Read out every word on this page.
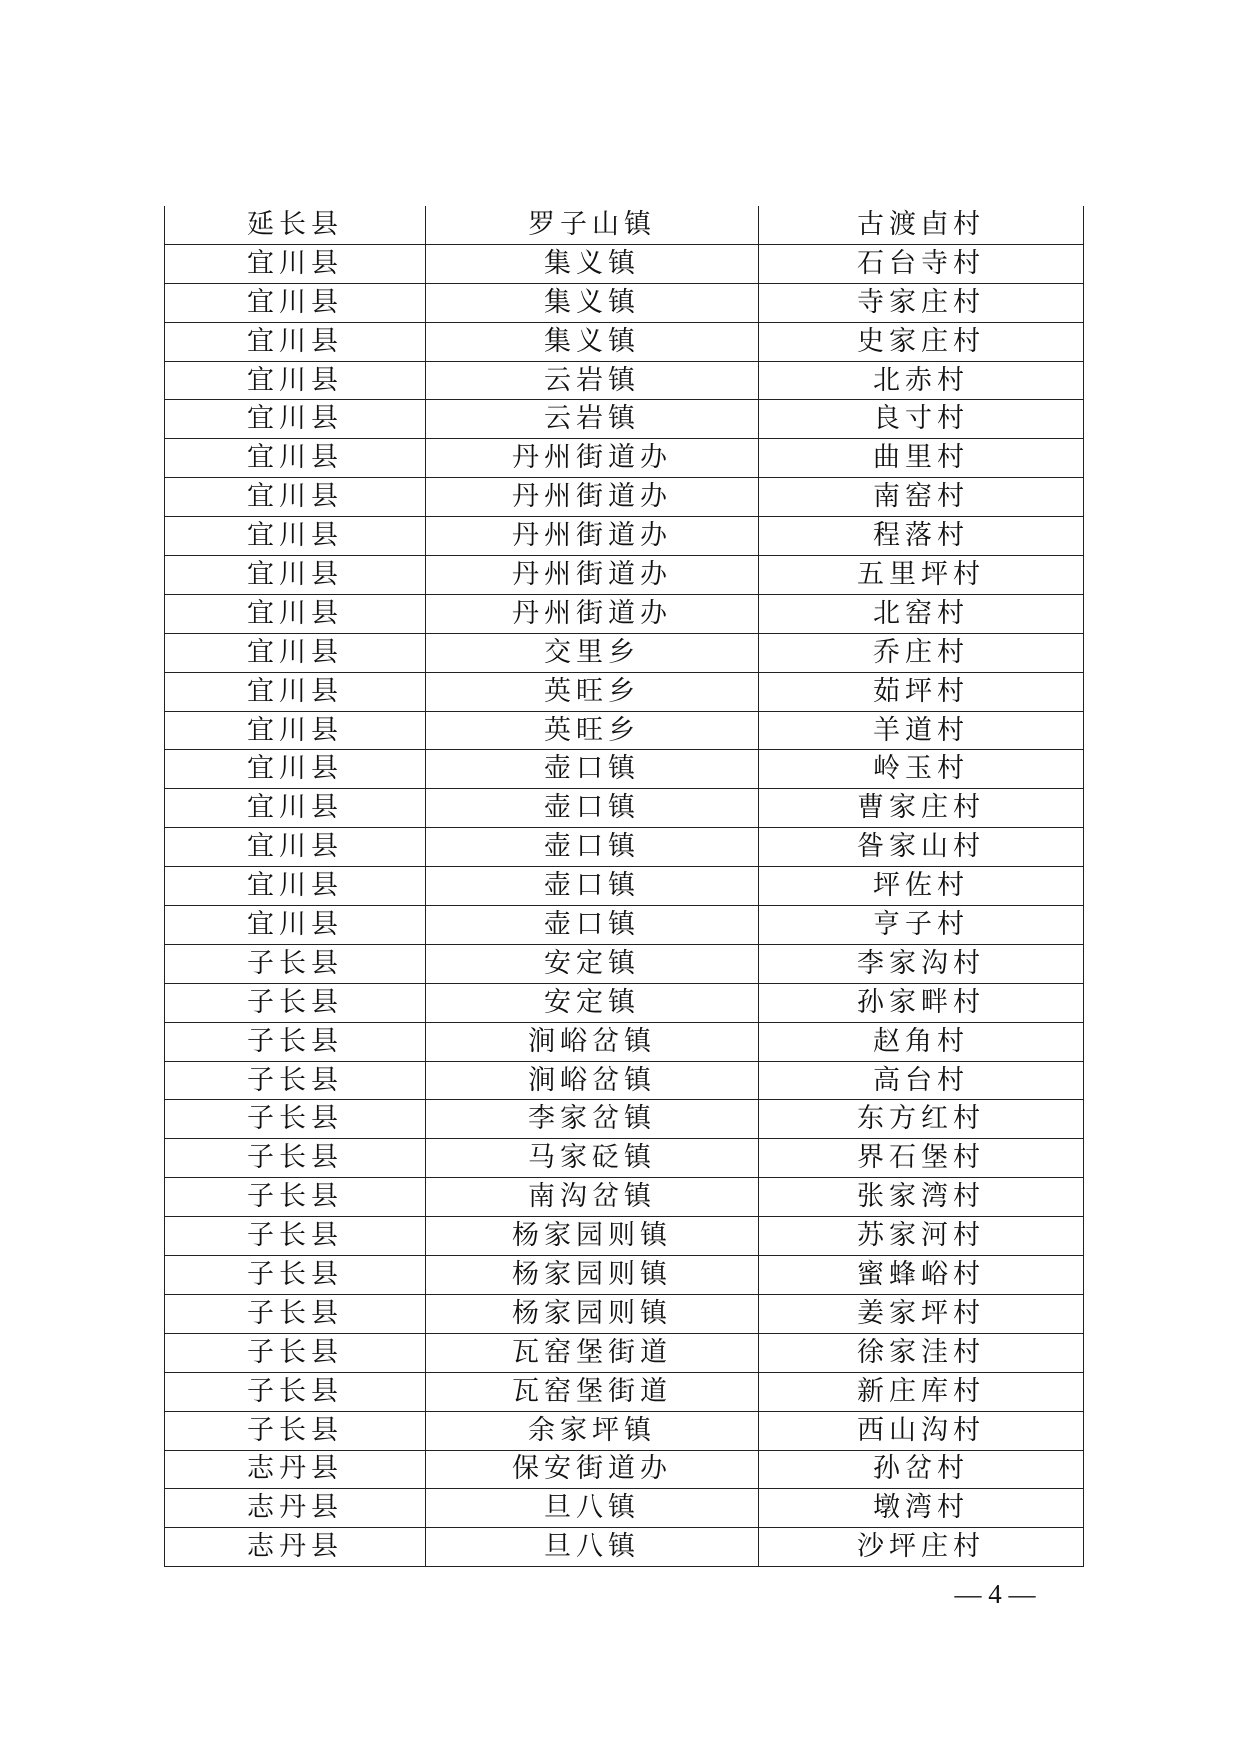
延长县	罗子山镇	古渡卣村
宜川县	集义镇	石台寺村
宜川县	集义镇	寺家庄村
宜川县	集义镇	史家庄村
宜川县	云岩镇	北赤村
宜川县	云岩镇	良寸村
宜川县	丹州街道办	曲里村
宜川县	丹州街道办	南窑村
宜川县	丹州街道办	程落村
宜川县	丹州街道办	五里坪村
宜川县	丹州街道办	北窑村
宜川县	交里乡	乔庄村
宜川县	英旺乡	茹坪村
宜川县	英旺乡	羊道村
宜川县	壶口镇	岭玉村
宜川县	壶口镇	曹家庄村
宜川县	壶口镇	昝家山村
宜川县	壶口镇	坪佐村
宜川县	壶口镇	亨子村
子长县	安定镇	李家沟村
子长县	安定镇	孙家畔村
子长县	涧峪岔镇	赵角村
子长县	涧峪岔镇	高台村
子长县	李家岔镇	东方红村
子长县	马家砭镇	界石堡村
子长县	南沟岔镇	张家湾村
子长县	杨家园则镇	苏家河村
子长县	杨家园则镇	蜜蜂峪村
子长县	杨家园则镇	姜家坪村
子长县	瓦窑堡街道	徐家洼村
子长县	瓦窑堡街道	新庄库村
子长县	余家坪镇	西山沟村
志丹县	保安街道办	孙岔村
志丹县	旦八镇	墩湾村
志丹县	旦八镇	沙坪庄村
— 4 —
